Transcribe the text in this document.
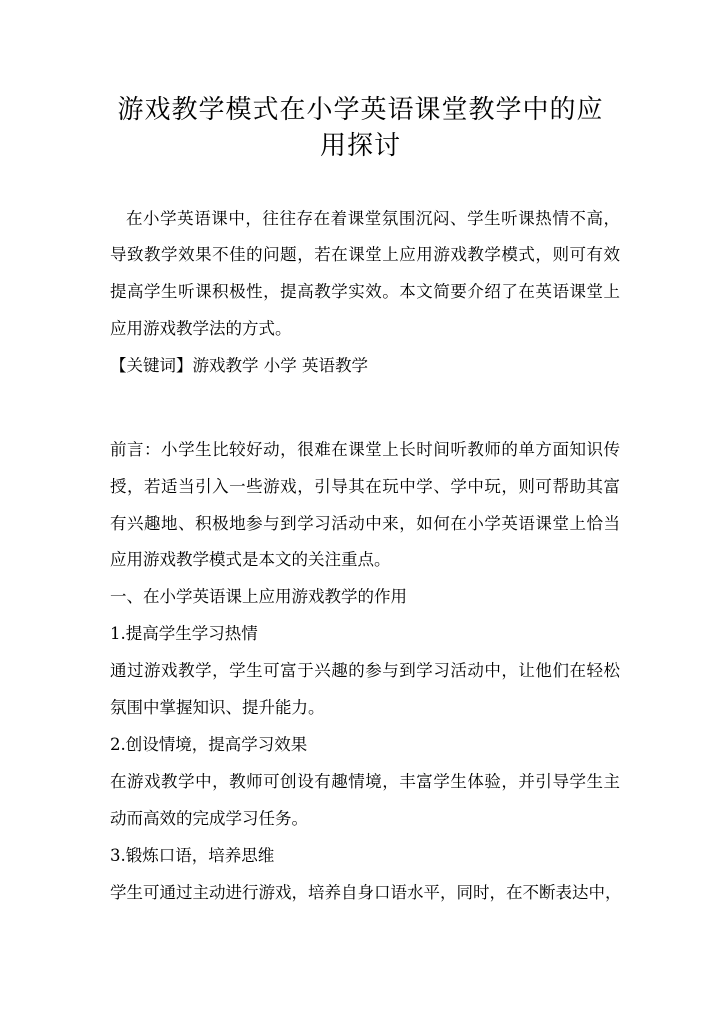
游戏教学模式在小学英语课堂教学中的应
用探讨
在小学英语课中，往往存在着课堂氛围沉闷、学生听课热情不高，
导致教学效果不佳的问题，若在课堂上应用游戏教学模式，则可有效
提高学生听课积极性，提高教学实效。本文简要介绍了在英语课堂上
应用游戏教学法的方式。
【关键词】游戏教学 小学 英语教学
前言：小学生比较好动，很难在课堂上长时间听教师的单方面知识传
授，若适当引入一些游戏，引导其在玩中学、学中玩，则可帮助其富
有兴趣地、积极地参与到学习活动中来，如何在小学英语课堂上恰当
应用游戏教学模式是本文的关注重点。
一、在小学英语课上应用游戏教学的作用
1.提高学生学习热情
通过游戏教学，学生可富于兴趣的参与到学习活动中，让他们在轻松
氛围中掌握知识、提升能力。
2.创设情境，提高学习效果
在游戏教学中，教师可创设有趣情境，丰富学生体验，并引导学生主
动而高效的完成学习任务。
3.锻炼口语，培养思维
学生可通过主动进行游戏，培养自身口语水平，同时，在不断表达中，
